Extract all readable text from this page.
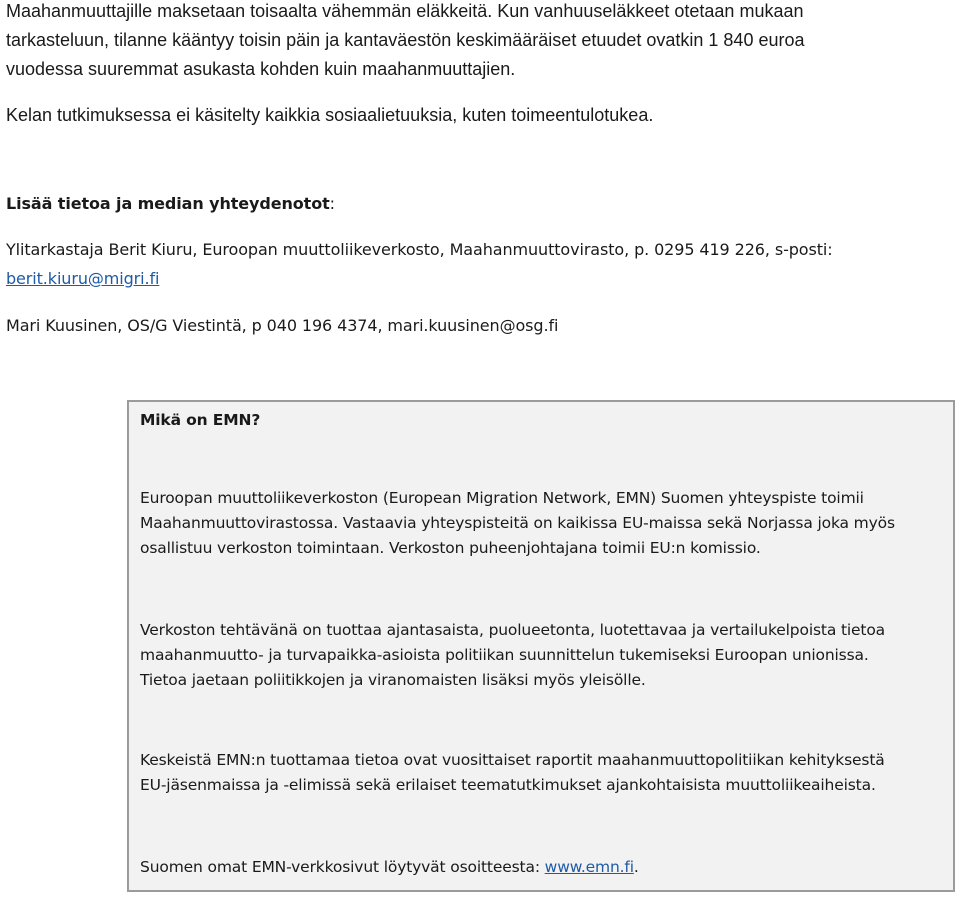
Maahanmuuttajille maksetaan toisaalta vähemmän eläkkeitä. Kun vanhuuseläkkeet otetaan mukaan
tarkasteluun, tilanne kääntyy toisin päin ja kantaväestön keskimääräiset etuudet ovatkin 1 840 euroa
vuodessa suuremmat asukasta kohden kuin maahanmuuttajien.
Kelan tutkimuksessa ei käsitelty kaikkia sosiaalietuuksia, kuten toimeentulotukea.
Lisää tietoa ja median yhteydenotot:
Ylitarkastaja Berit Kiuru, Euroopan muuttoliikeverkosto, Maahanmuuttovirasto, p. 0295 419 226, s-posti:
berit.kiuru@migri.fi
Mari Kuusinen, OS/G Viestintä, p 040 196 4374, mari.kuusinen@osg.fi
Mikä on EMN?
Euroopan muuttoliikeverkoston (European Migration Network, EMN) Suomen yhteyspiste toimii
Maahanmuuttovirastossa. Vastaavia yhteyspisteitä on kaikissa EU-maissa sekä Norjassa joka myös
osallistuu verkoston toimintaan. Verkoston puheenjohtajana toimii EU:n komissio.
Verkoston tehtävänä on tuottaa ajantasaista, puolueetonta, luotettavaa ja vertailukelpoista tietoa
maahanmuutto- ja turvapaikka-asioista politiikan suunnittelun tukemiseksi Euroopan unionissa.
Tietoa jaetaan poliitikkojen ja viranomaisten lisäksi myös yleisölle.
Keskeistä EMN:n tuottamaa tietoa ovat vuosittaiset raportit maahanmuuttopolitiikan kehityksestä
EU-jäsenmaissa ja -elimissä sekä erilaiset teematutkimukset ajankohtaisista muuttoliikeaiheista.
Suomen omat EMN-verkkosivut löytyvät osoitteesta: www.emn.fi.
